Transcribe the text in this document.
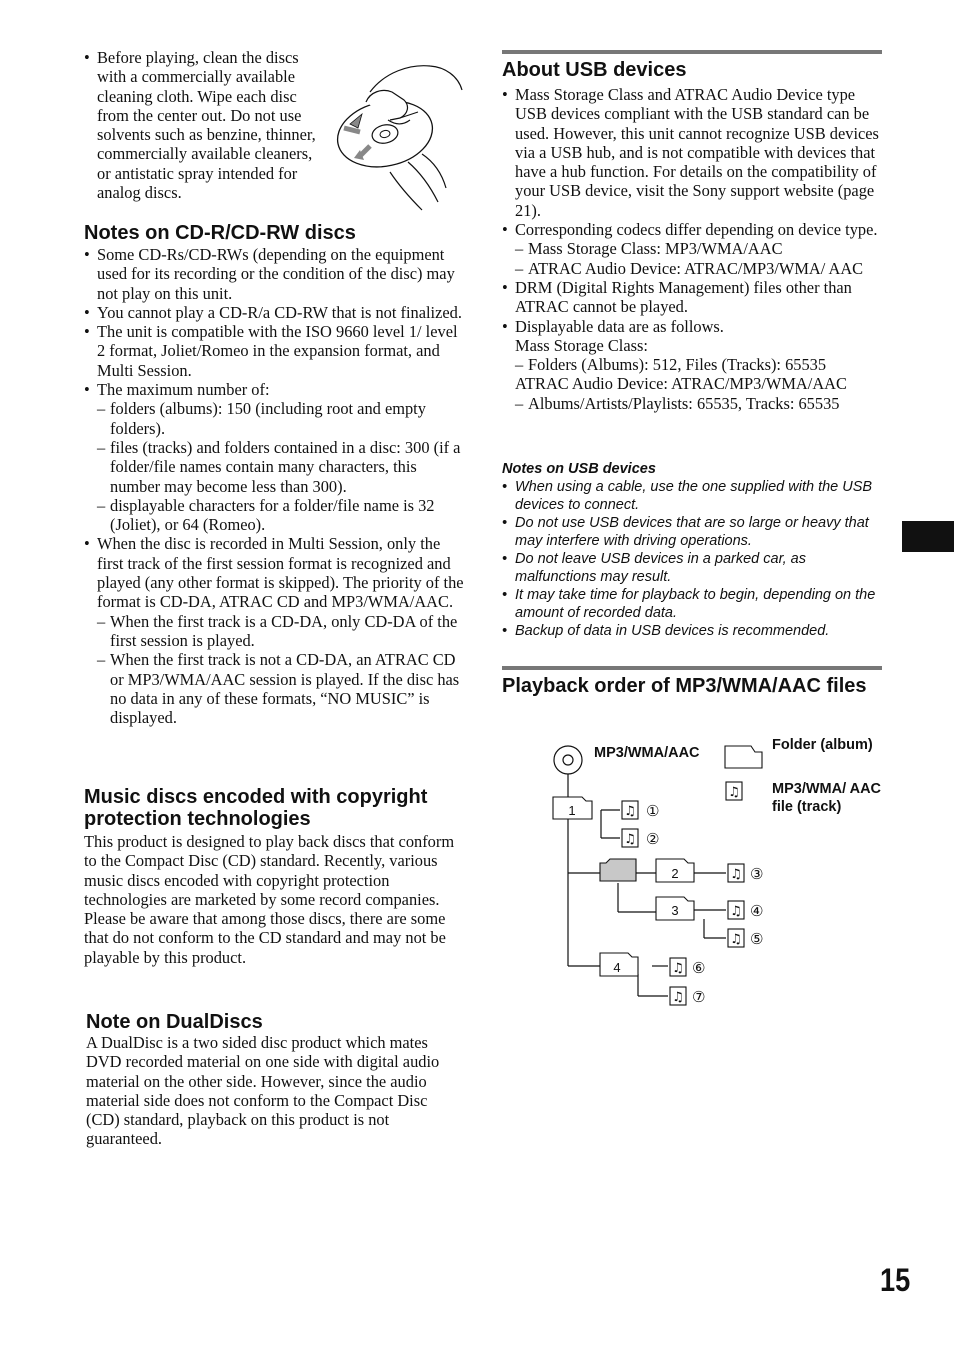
• Before playing, clean the discs with a commercially available cleaning cloth. Wipe each disc from the center out. Do not use solvents such as benzine, thinner, commercially available cleaners, or antistatic spray intended for analog discs.
Notes on CD-R/CD-RW discs
• Some CD-Rs/CD-RWs (depending on the equipment used for its recording or the condition of the disc) may not play on this unit.
• You cannot play a CD-R/a CD-RW that is not finalized.
• The unit is compatible with the ISO 9660 level 1/ level 2 format, Joliet/Romeo in the expansion format, and Multi Session.
• The maximum number of:
– folders (albums): 150 (including root and empty folders).
– files (tracks) and folders contained in a disc: 300 (if a folder/file names contain many characters, this number may become less than 300).
– displayable characters for a folder/file name is 32 (Joliet), or 64 (Romeo).
• When the disc is recorded in Multi Session, only the first track of the first session format is recognized and played (any other format is skipped). The priority of the format is CD-DA, ATRAC CD and MP3/WMA/AAC.
– When the first track is a CD-DA, only CD-DA of the first session is played.
– When the first track is not a CD-DA, an ATRAC CD or MP3/WMA/AAC session is played. If the disc has no data in any of these formats, “NO MUSIC” is displayed.
Music discs encoded with copyright protection technologies

This product is designed to play back discs that conform to the Compact Disc (CD) standard. Recently, various music discs encoded with copyright protection technologies are marketed by some record companies. Please be aware that among those discs, there are some that do not conform to the CD standard and may not be playable by this product.

Note on DualDiscs

A DualDisc is a two sided disc product which mates DVD recorded material on one side with digital audio material on the other side. However, since the audio material side does not conform to the Compact Disc (CD) standard, playback on this product is not guaranteed.

About USB devices
• Mass Storage Class and ATRAC Audio Device type USB devices compliant with the USB standard can be used. However, this unit cannot recognize USB devices via a USB hub, and is not compatible with devices that have a hub function. For details on the compatibility of your USB device, visit the Sony support website (page 21).
• Corresponding codecs differ depending on device type.
– Mass Storage Class: MP3/WMA/AAC
– ATRAC Audio Device: ATRAC/MP3/WMA/ AAC
• DRM (Digital Rights Management) files other than ATRAC cannot be played.
• Displayable data are as follows.
Mass Storage Class:
– Folders (Albums): 512, Files (Tracks): 65535
ATRAC Audio Device: ATRAC/MP3/WMA/AAC
– Albums/Artists/Playlists: 65535, Tracks: 65535
Notes on USB devices
• When using a cable, use the one supplied with the USB devices to connect.
• Do not use USB devices that are so large or heavy that may interfere with driving operations.
• Do not leave USB devices in a parked car, as malfunctions may result.
• It may take time for playback to begin, depending on the amount of recorded data.
• Backup of data in USB devices is recommended.
Playback order of MP3/WMA/AAC files
♫
♫
♫
♫
♫
♫
♫
♫
1
2
3
4
①
②
③
④
⑤
⑥
⑦
MP3/WMA/AAC	Folder (album)
MP3/WMA/ AAC file (track)
15
